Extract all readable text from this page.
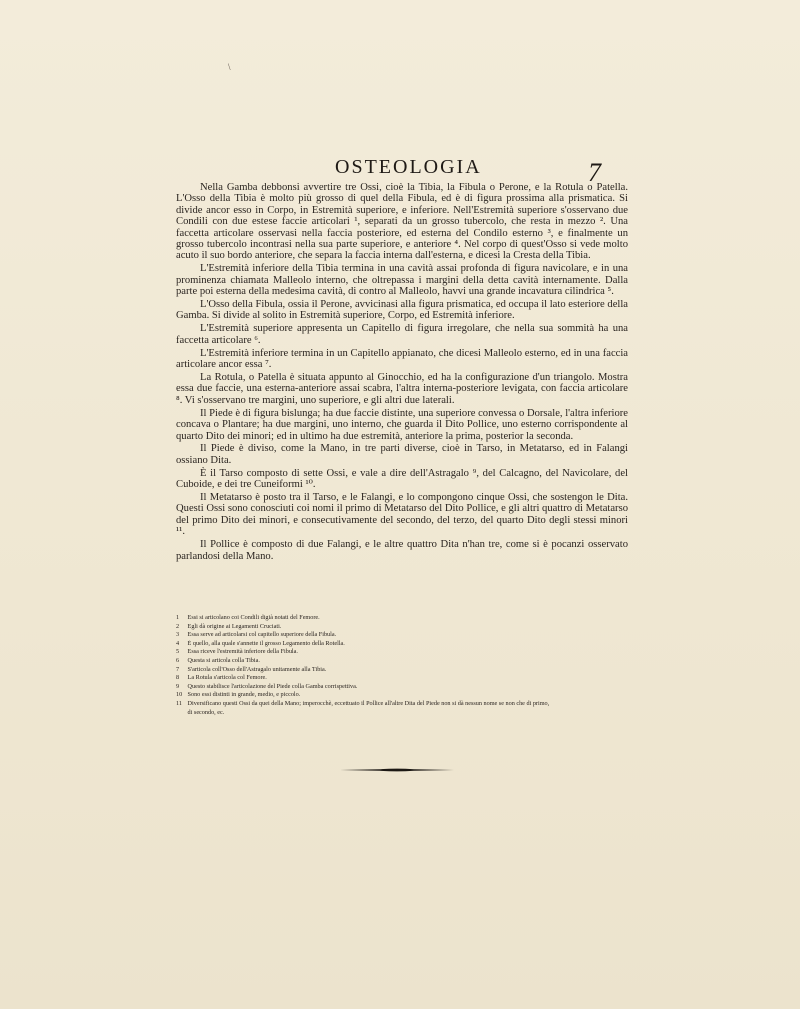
\
OSTEOLOGIA	7

Nella Gamba debbonsi avvertire tre Ossi, cioè la Tibia, la Fibula o Perone, e la Rotula o Patella. L'Osso della Tibia è molto più grosso di quel della Fibula, ed è di figura prossima alla prismatica. Si divide ancor esso in Corpo, in Estremità superiore, e inferiore. Nell'Estremità superiore s'osservano due Condili con due estese faccie articolari ¹, separati da un grosso tubercolo, che resta in mezzo ². Una faccetta articolare osservasi nella faccia posteriore, ed esterna del Condilo esterno ³, e finalmente un grosso tubercolo incontrasi nella sua parte superiore, e anteriore ⁴. Nel corpo di quest'Osso si vede molto acuto il suo bordo anteriore, che separa la faccia interna dall'esterna, e dicesi la Cresta della Tibia.

L'Estremità inferiore della Tibia termina in una cavità assai profonda di figura navicolare, e in una prominenza chiamata Malleolo interno, che oltrepassa i margini della detta cavità internamente. Dalla parte poi esterna della medesima cavità, di contro al Malleolo, havvi una grande incavatura cilindrica ⁵.

L'Osso della Fibula, ossia il Perone, avvicinasi alla figura prismatica, ed occupa il lato esteriore della Gamba. Si divide al solito in Estremità superiore, Corpo, ed Estremità inferiore.

L'Estremità superiore appresenta un Capitello di figura irregolare, che nella sua sommità ha una faccetta articolare ⁶.

L'Estremità inferiore termina in un Capitello appianato, che dicesi Malleolo esterno, ed in una faccia articolare ancor essa ⁷.

La Rotula, o Patella è situata appunto al Ginocchio, ed ha la configurazione d'un triangolo. Mostra essa due faccie, una esterna-anteriore assai scabra, l'altra interna-posteriore levigata, con faccia articolare ⁸. Vi s'osservano tre margini, uno superiore, e gli altri due laterali.

Il Piede è di figura bislunga; ha due faccie distinte, una superiore convessa o Dorsale, l'altra inferiore concava o Plantare; ha due margini, uno interno, che guarda il Dito Pollice, uno esterno corrispondente al quarto Dito dei minori; ed in ultimo ha due estremità, anteriore la prima, posterior la seconda.

Il Piede è diviso, come la Mano, in tre parti diverse, cioè in Tarso, in Metatarso, ed in Falangi ossiano Dita.

È il Tarso composto di sette Ossi, e vale a dire dell'Astragalo ⁹, del Calcagno, del Navicolare, del Cuboide, e dei tre Cuneiformi ¹⁰.

Il Metatarso è posto tra il Tarso, e le Falangi, e lo compongono cinque Ossi, che sostengon le Dita. Questi Ossi sono conosciuti coi nomi il primo di Metatarso del Dito Pollice, e gli altri quattro di Metatarso del primo Dito dei minori, e consecutivamente del secondo, del terzo, del quarto Dito degli stessi minori ¹¹.

Il Pollice è composto di due Falangi, e le altre quattro Dita n'han tre, come si è pocanzi osservato parlandosi della Mano.

1 Essi si articolano coi Condili digià notati del Femore.
2 Egli dà origine ai Legamenti Cruciati.
3 Essa serve ad articolarsi col capitello superiore della Fibula.
4 È quello, alla quale s'annette il grosso Legamento della Rotella.
5 Essa riceve l'estremità inferiore della Fibula.
6 Questa si articola colla Tibia.
7 S'articola coll'Osso dell'Astragalo unitamente alla Tibia.
8 La Rotula s'articola col Femore.
9 Questo stabilisce l'articolazione del Piede colla Gamba corrispettiva.
10 Sono essi distinti in grande, medio, e piccolo.
11 Diversificano questi Ossi da quei della Mano; imperocchè, eccettuato il Pollice all'altre Dita del Piede non si dà nessun nome se non che di primo,
di secondo, ec.
